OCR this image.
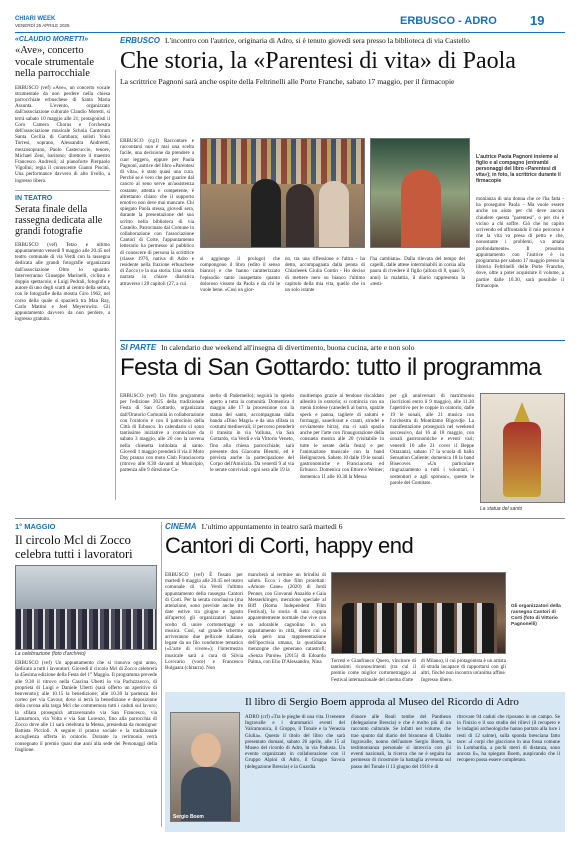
CHIARI WEEK
VENERDÌ 25 APRILE 2025	ERBUSCO - ADRO	19
«CLAUDIO MORETTI»
«Ave», concerto vocale strumentale nella parrocchiale
ERBUSCO (vef) «Ave», un concerto vocale strumentale da non perdere nella chiesa parrocchiale erbuschese di Santa Maria Assunta. L'evento, organizzato dall'associazione culturale Claudio Moretti, si terrà sabato 10 maggio alle 21; protagonisti il Coro Camera Chorus e l'orchestra dell'associazione musicale Schola Cantorum Santa Cecilia di Gambara; solisti Yoko Torresi, soprano, Alessandra Andreetti, mezzosoprano, Paolo Castecuccio, tenore, Michael Zeni, baritono; direttore il maestro Francesco Andreoli; al pianoforte Pierpaolo Vigolini; regia il conoscente Gianni Piscini. Una performance davvero di alto livello, a ingresso libero.
IN TEATRO
Serata finale della rassegna dedicata alle grandi fotografie
ERBUSCO (vef) Tetzo e ultimo appuntamento venerdì 9 maggio alle 20.45 nel teatro comunale di via Verdi con la rassegna dedicata alle grandi fotografie organizzata dall'associazione Oltre lo sguardo. Interverranno Giuseppe Marinelli, ciclista e doppio spettacolo, e Luigi Pedrali, fotografo e autore di uno degli scatti al centro della serata, con le fotografie della mostra Giro 1962, nel corso della quale si spazierà tra Man Ray, Carlo Mattini e Joel Meyerowitz. Gli appuntamento davvero da non perdere, a ingresso gratuito.
ERBUSCO L'incontro con l'autrice, originaria di Adro, si è tenuto giovedì sera presso la biblioteca di via Castello
Che storia, la «Parentesi di vita» di Paola
La scrittrice Pagnoni sarà anche ospite della Feltrinelli alle Porte Franche, sabato 17 maggio, per il firmacopie
ERBUSCO (cg1) Raccontare e raccontarsi non è mai una scelta facile, una decisione da prendere a cuor leggero, eppure per Paola Pagnoni, autrice del libro «Parentesi di vita», è stato quasi una cura. Perché se è vero che per guarire dal cancro al seno serve un'assistenza costante, attenta e competente, è altrettanto chiaro che il supporto emotivo non deve mai mancare. Chi spiegato Paola stessa, giovedì sera, durante la presentazione del suo scritto nella biblioteca di via Castello. Patrocinato dal Comune in collaborazione con l'associazione Cantori di Corte, l'appuntamento letterario ha permesso al pubblico di conoscere di persona la scrittrice (classe 1976, nativa di Adro e residente nella frazione erbuschese di Zocco) e la sua storia. Una storia narrata in chiave diaristica attraverso i 28 capitoli (27, a cui
L'autrice Paola Pagnoni insieme al figlio e al compagno (entrambi personaggi del libro «Parentesi di vita»); in foto, la scrittrice durante il firmacopie
si aggiunge il prologo) che compongono il libro (edito il senso bianco) e che hanno caratterizzato l'episodio tanto inaspettato quanto doloroso vissuto da Paola e da chi le vuole bene. «Così un gior-
no, tra una riflessione e l'altra - ha detto, accompagnata dalla penna di Chiarieeek Giulia Contin - Ho deciso di mettere nero su bianco l'ultimo capitolo della mia vita, quello che in un solo istante
l'ha cambiata». Dalla rilevata del tempo dei capelli, dalle attese interminabili in corsia alla paura di rivedere il figlio (allora di 8, quasi 9, anni) la malattia, il diario rappresenta la «testi-
monianza di una donna che ce l'ha fatta - ha proseguito Paola - Ma vuole essere anche un aiuto per chi deve ancora chiudere questa "parentesi", o per chi è vicino a chi soffre. Ciò che ho capito scrivendo ed affrontando il mio percorso è che la vita va presa di petto e che, nonostante i problemi, va amata profondamente». Il prossimo appuntamento con l'autrice è in programma per sabato 17 maggio presso la libreria Feltrinelli delle Porte Franche, dove, oltre a poter acquistare il volume, a partire dalle 10.30, sarà possibile il firmacopie.
SI PARTE In calendario due weekend all'insegna di divertimento, buona cucina, arte e non solo
Festa di San Gottardo: tutto il programma
ERBUSCO (vef) Un fitto programma per l'edizione 2025 della tradizionale Festa di San Gottardo, organizzata dall'Oratorio Comunità in collaborazione con l'oratorio e con il patrocinio della Città di Erbusco. In calendario ci sono tantissime iniziative a cominciare da sabato 3 maggio, alle 20 con la novena nella chiesetta intitolata al santo. Giovedì 1 maggio prenderà il via il Moto Day pranzo con moto Club Franciacorta (ritrovo alle 8.30 davanti al Municipio, partenza alle 9 direzione Ca-
stello di Padernello); seguirà lo spiedo aperto a tutta la comunità. Domenica 4 maggio alle 17 la processione con la statua del santo, accompagnata dalla banda «Dino Magri» e da una sfilata in costumi medioevali; il percorso prenderà il transito in via Valluna, via San Gottardo, via Verdi e via Vittorio Veneto, fino alla chiesa parrocchiale; sarà presente don Giacomo Blenmi, ed è prevista anche la partecipazione del Corpo dell'Amicizia. Da venerdì 9 al via le serate conviviali: ogni sera alle 19 la
multiempo grazie al tendone riscaldato allestito in oratorio; si comincia con un menù tirolese (canederli al burro, spatzle speck e panna, tagliere di salumi e formaggi, sauerkraut e crauti, strudel e ovviamente birra), ma ci sarà spazio anche per l'arte con l'inaugurazione della consueta mostra alle 20 (visitabile in tutte le serate della festa) e per l'animazione musicale con la band Hellgnurzen. Sabato 10 dalle 19 le sonali gastronomiche e Franciacorta ed Erbusco. Domenica con Ettore e Weiner; domenica 11 alle 10.30 la Messa
per gli anniversari di matrimonio (iscrizioni entro il 9 maggio), alle 11.30 l'aperitivo per le coppie in oratorio, dalle 19 le sonali, alle 21 musica con l'orchestra di Montitamo Bigovdje. La manifestazione proseguirà nel weekend successivo, dal 16 al 18 maggio, con sonali gastronomiche e eventi vari; venerdì 16 alle 21 cover il Beppe Ostazanzi, sabato 17 la scuola di ballo Sensation Caliente; domenica 18 la band Bisecover. «Un particolare ringraziamento a tutti i volontari, i sostenitori e agli sponsor», queste le parole del Comitato.
La statua del santo
1° MAGGIO
Il circolo Mcl di Zocco celebra tutti i lavoratori
La celebrazione (foto d'archivio)
ERBUSCO (vef) Un appuntamento che si rinnova ogni anno, dedicato a tutti i lavoratori. Giovedì il circolo Mcl di Zocco celebrerà la 45esima edizione della Festa del 1° Maggio. Il programma prevede alle 9.30 il ritrovo nella Cascina Uberti in via Pachzzzecco, di proprietà di Luigi e Daniele Uberti (sarà offerto un aperitivo di benvenuto); alle 10.15 la benedizione; alle 10.30 la partenza del corteo per via Cavour, dove si terrà la benedizione e deposizione della corona alla targa Mcl che commemora tutti i caduti sul lavoro; la sfilata proseguirà attraversando via San Francesco, via Lamarmora, via Volta e via San Lorenzo, fino alla parrocchia di Zocco dove alle 11 sarà celebrata la Messa, presieduta da monsignor Battista Piccioli. A seguire il pranzo sociale e la tradizionale accoglienza offerta in oratorio. Durante la cerimonia verrà consegnato il premio quasi due anni alla sede dei Personaggi della fraglione.
CINEMA L'ultimo appuntamento in teatro sarà martedì 6
Cantori di Corti, happy end
ERBUSCO (vef) È fissato per martedì 6 maggio alle 20.45 nel teatro comunale di via Verdi l'ultimo appuntamento della rassegna Cantori di Corti. Per la serata conclusiva (ma attenzione, sono previste anche tre date estive tra giugno e agosto all'aperto) gli organizzatori hanno scelto di unire cortometraggi e musica. Così, sul grande schermo arriveranno due pellicole italiane, legate da un filo conduttore tematico («L'arte di vivere»); l'intermezzo musicale sarà a cura di Silvia Lovicario (voce) e Francesco Bulgaara (chitarra). Non
mancherà al termine un brindisi di saluto. Ecco i due film proiettati: «Amore Cane» (2020) di Jordi Penner, con Giovanni Anzaldo e Gaia Messerklinger, menzione speciale al Biff (Roma Independent Film Festival), la storia di una coppia apparentemente normale che vive con un adorabile cagnolino in un appartamento in città, dietro cui si cela però una rappresentazione dell'ipocrisia umana, la quotidiana menzogne che generano catastrofi; «Senza Parole» (2015) di Edoardo Palma, con Elio D'Alessandro, Nina
Gli organizzatori della rassegna Cantori di Corti (foto di Vittorio Pagnonelli)
Torresi e Gianfranco Quero, vincitore di tantissimi riconoscimenti (tra cui il premio come miglior cortometraggio al Festival internazionale del cinema d'arte
di Milano), il cui protagonista è un artista di strada incapace di rapportarsi con gli altri, finché non incontra un'anima affine. Ingresso libero.
Il libro di Sergio Boem approda al Museo del Ricordo di Adro
Sergio Boem
ADRO (crf) «Tra le pieghe di una vita. Il tenente Ingravalle e i drammatici eventi del Valcamonica, il Gruppo, il Tonale e la Venezia Giulia». Questo il titolo del libro che sarà presentato domani, sabato 26 aprile, alle 15 al Museo del ricordo di Adro, in via Padusta. Un evento organizzato in collaborazione con il Gruppo Alpini di Adro, il Gruppo Savoia (delegazione Brescia) e la Guardia
d'onore alle Reali tombe del Pantheon (delegazione Brescia) e che è molto più di un racconto culturale. Se infatti nel volume, che trae spunto dal diario del bisnonno di Ubaldo Ingravalle, nonno dell'autore Sergio Boem, la testimonianza personale si intreccia con gli eventi nazionali, la ricerca che ne è seguita ha permesso di ricostruire la battaglia avvenuta sul passo del Tonale il 13 giugno del 1918 e di
ritrovare 94 caduti che riposano in un campo. Se in l'inizio e il suo studio dei rilievi (il recupero e le indagini archeologiche hanno portato alla luce i resti di 12 salme), sulla sponda bresciana fatto tace: «I corpi che giacciono in una fossa comune in Lombardia, a pochi metri di distanza, sono ancora lì», ha spiegato Boem, auspicando che il recupero possa essere completato.
